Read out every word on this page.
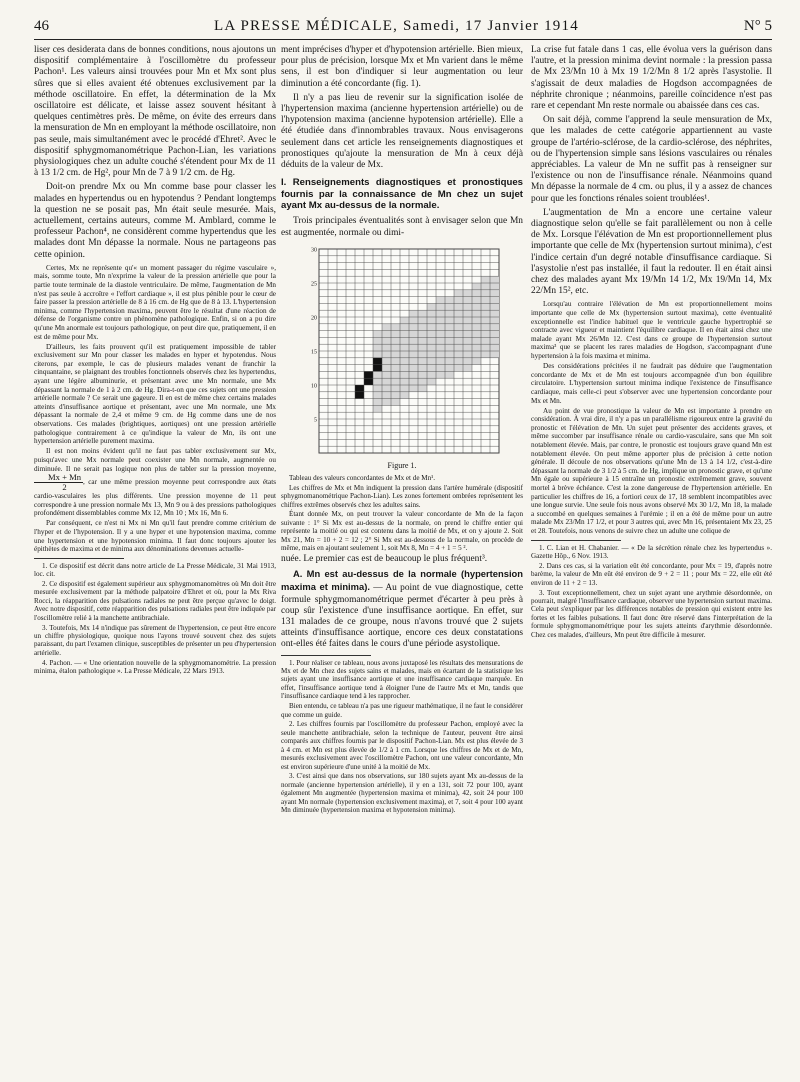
46	LA PRESSE MÉDICALE, Samedi, 17 Janvier 1914	N° 5

liser ces desiderata dans de bonnes conditions, nous ajoutons un dispositif complémentaire à l'oscillomètre du professeur Pachon¹. Les valeurs ainsi trouvées pour Mn et Mx sont plus sûres que si elles avaient été obtenues exclusivement par la méthode oscillatoire. En effet, la détermination de la Mx oscillatoire est délicate, et laisse assez souvent hésitant à quelques centimètres près. De même, on évite des erreurs dans la mensuration de Mn en employant la méthode oscillatoire, non pas seule, mais simultanément avec le procédé d'Ehret². Avec le dispositif sphygmomanométrique Pachon-Lian, les variations physiologiques chez un adulte couché s'étendent pour Mx de 11 à 13 1/2 cm. de Hg², pour Mn de 7 à 9 1/2 cm. de Hg.

Doit-on prendre Mx ou Mn comme base pour classer les malades en hypertendus ou en hypotendus ? Pendant longtemps la question ne se posait pas, Mn était seule mesurée. Mais, actuellement, certains auteurs, comme M. Amblard, comme le professeur Pachon⁴, ne considèrent comme hypertendus que les malades dont Mn dépasse la normale. Nous ne partageons pas cette opinion.

Certes, Mx ne représente qu'« un moment passager du régime vasculaire », mais, somme toute, Mn n'exprime la valeur de la pression artérielle que pour la partie toute terminale de la diastole ventriculaire. De même, l'augmentation de Mn n'est pas seule à accroître « l'effort cardiaque », il est plus pénible pour le cœur de faire passer la pression artérielle de 8 à 16 cm. de Hg que de 8 à 13. L'hypertension minima, comme l'hypertension maxima, peuvent être le résultat d'une réaction de défense de l'organisme contre un phénomène pathologique. Enfin, si on a pu dire qu'une Mn anormale est toujours pathologique, on peut dire que, pratiquement, il en est de même pour Mx.

D'ailleurs, les faits prouvent qu'il est pratiquement impossible de tabler exclusivement sur Mn pour classer les malades en hyper et hypotendus. Nous citerons, par exemple, le cas de plusieurs malades venant de franchir la cinquantaine, se plaignant des troubles fonctionnels observés chez les hypertendus, ayant une légère albuminurie, et présentant avec une Mn normale, une Mx dépassant la normale de 1 à 2 cm. de Hg. Dira-t-on que ces sujets ont une pression artérielle normale ? Ce serait une gageure. Il en est de même chez certains malades atteints d'insuffisance aortique et présentant, avec une Mn normale, une Mx dépassant la normale de 2,4 et même 9 cm. de Hg comme dans une de nos observations. Ces malades (brightiques, aortiques) ont une pression artérielle pathologique contrairement à ce qu'indique la valeur de Mn, ils ont une hypertension artérielle purement maxima.

Il est non moins évident qu'il ne faut pas tabler exclusivement sur Mx, puisqu'avec une Mx normale peut coexister une Mn normale, augmentée ou diminuée. Il ne serait pas logique non plus de tabler sur la pression moyenne,
$\frac{Mx + Mn}{2}$ , car une même pression moyenne peut correspondre aux états cardio-vasculaires les plus différents. Une pression moyenne de 11 peut correspondre à une pression normale Mx 13, Mn 9 ou à des pressions pathologiques profondément dissemblables comme Mx 12, Mn 10 ; Mx 16, Mn 6.

Par conséquent, ce n'est ni Mx ni Mn qu'il faut prendre comme critérium de l'hyper et de l'hypotension. Il y a une hyper et une hypotension maxima, comme une hypertension et une hypotension minima. Il faut donc toujours ajouter les épithètes de maxima et de minima aux dénominations devenues actuelle-

1. Ce dispositif est décrit dans notre article de La Presse Médicale, 31 Mai 1913, loc. cit.

2. Ce dispositif est également supérieur aux sphygmomanomètres où Mn doit être mesurée exclusivement par la méthode palpatoire d'Ehret et où, pour la Mx Riva Rocci, la réapparition des pulsations radiales ne peut être perçue qu'avec le doigt. Avec notre dispositif, cette réapparition des pulsations radiales peut être indiquée par l'oscillomètre relié à la manchette antibrachiale.

3. Toutefois, Mx 14 n'indique pas sûrement de l'hypertension, ce peut être encore un chiffre physiologique, quoique nous l'ayons trouvé souvent chez des sujets paraissant, du part l'examen clinique, susceptibles de présenter un peu d'hypertension artérielle.

4. Pachon. — « Une orientation nouvelle de la sphygmomanométrie. La pression minima, étalon pathologique ». La Presse Médicale, 22 Mars 1913.

ment imprécises d'hyper et d'hypotension artérielle. Bien mieux, pour plus de précision, lorsque Mx et Mn varient dans le même sens, il est bon d'indiquer si leur augmentation ou leur diminution a été concordante (fig. 1).

Il n'y a pas lieu de revenir sur la signification isolée de l'hypertension maxima (ancienne hypertension artérielle) ou de l'hypotension maxima (ancienne hypotension artérielle). Elle a été étudiée dans d'innombrables travaux. Nous envisagerons seulement dans cet article les renseignements diagnostiques et pronostiques qu'ajoute la mensuration de Mn à ceux déjà déduits de la valeur de Mx.

I. Renseignements diagnostiques et pronostiques fournis par la connaissance de Mn chez un sujet ayant Mx au-dessus de la normale.

Trois principales éventualités sont à envisager selon que Mn est augmentée, normale ou dimi-

5
10
15
20
25
30
Figure 1.

Tableau des valeurs concordantes de Mx et de Mn¹.

Les chiffres de Mx et Mn indiquent la pression dans l'artère humérale (dispositif sphygmomanométrique Pachon-Lian). Les zones fortement ombrées représentent les chiffres extrêmes observés chez les adultes sains.

Étant donnée Mx, on peut trouver la valeur concordante de Mn de la façon suivante : 1° Si Mx est au-dessus de la normale, on prend le chiffre entier qui représente la moitié ou qui est contenu dans la moitié de Mx, et on y ajoute 2. Soit Mx 21, Mn = 10 + 2 = 12 ; 2° Si Mx est au-dessous de la normale, on procède de même, mais en ajoutant seulement 1, soit Mx 8, Mn = 4 + 1 = 5 ².

nuée. Le premier cas est de beaucoup le plus fréquent³.

A. Mn est au-dessus de la normale (hypertension maxima et minima). — Au point de vue diagnostique, cette formule sphygmomanométrique permet d'écarter à peu près à coup sûr l'existence d'une insuffisance aortique. En effet, sur 131 malades de ce groupe, nous n'avons trouvé que 2 sujets atteints d'insuffisance aortique, encore ces deux constatations ont-elles été faites dans le cours d'une période asystolique.

1. Pour réaliser ce tableau, nous avons juxtaposé les résultats des mensurations de Mx et de Mn chez des sujets sains et malades, mais en écartant de la statistique les sujets ayant une insuffisance aortique et une insuffisance cardiaque marquée. En effet, l'insuffisance aortique tend à éloigner l'une de l'autre Mx et Mn, tandis que l'insuffisance cardiaque tend à les rapprocher.

Bien entendu, ce tableau n'a pas une rigueur mathématique, il ne faut le considérer que comme un guide.

2. Les chiffres fournis par l'oscillomètre du professeur Pachon, employé avec la seule manchette antibrachiale, selon la technique de l'auteur, peuvent être ainsi comparés aux chiffres fournis par le dispositif Pachon-Lian. Mx est plus élevée de 3 à 4 cm. et Mn est plus élevée de 1/2 à 1 cm. Lorsque les chiffres de Mx et de Mn, mesurés exclusivement avec l'oscillomètre Pachon, ont une valeur concordante, Mn est environ supérieure d'une unité à la moitié de Mx.

3. C'est ainsi que dans nos observations, sur 180 sujets ayant Mx au-dessus de la normale (ancienne hypertension artérielle), il y en a 131, soit 72 pour 100, ayant également Mn augmentée (hypertension maxima et minima), 42, soit 24 pour 100 ayant Mn normale (hypertension exclusivement maxima), et 7, soit 4 pour 100 ayant Mn diminuée (hypertension maxima et hypotension minima).

La crise fut fatale dans 1 cas, elle évolua vers la guérison dans l'autre, et la pression minima devint normale : la pression passa de Mx 23/Mn 10 à Mx 19 1/2/Mn 8 1/2 après l'asystolie. Il s'agissait de deux maladies de Hogdson accompagnées de néphrite chronique ; néanmoins, pareille coïncidence n'est pas rare et cependant Mn reste normale ou abaissée dans ces cas.

On sait déjà, comme l'apprend la seule mensuration de Mx, que les malades de cette catégorie appartiennent au vaste groupe de l'artério-sclérose, de la cardio-sclérose, des néphrites, ou de l'hypertension simple sans lésions vasculaires ou rénales appréciables. La valeur de Mn ne suffit pas à renseigner sur l'existence ou non de l'insuffisance rénale. Néanmoins quand Mn dépasse la normale de 4 cm. ou plus, il y a assez de chances pour que les fonctions rénales soient troublées¹.

L'augmentation de Mn a encore une certaine valeur diagnostique selon qu'elle se fait parallèlement ou non à celle de Mx. Lorsque l'élévation de Mn est proportionnellement plus importante que celle de Mx (hypertension surtout minima), c'est l'indice certain d'un degré notable d'insuffisance cardiaque. Si l'asystolie n'est pas installée, il faut la redouter. Il en était ainsi chez des malades ayant Mx 19/Mn 14 1/2, Mx 19/Mn 14, Mx 22/Mn 15², etc.

Lorsqu'au contraire l'élévation de Mn est proportionnellement moins importante que celle de Mx (hypertension surtout maxima), cette éventualité exceptionnelle est l'indice habituel que le ventricule gauche hypertrophié se contracte avec vigueur et maintient l'équilibre cardiaque. Il en était ainsi chez une malade ayant Mx 26/Mn 12. C'est dans ce groupe de l'hypertension surtout maxima³ que se placent les rares maladies de Hogdson, s'accompagnant d'une hypertension à la fois maxima et minima.

Des considérations précitées il ne faudrait pas déduire que l'augmentation concordante de Mx et de Mn est toujours accompagnée d'un bon équilibre circulatoire. L'hypertension surtout minima indique l'existence de l'insuffisance cardiaque, mais celle-ci peut s'observer avec une hypertension concordante pour Mx et Mn.

Au point de vue pronostique la valeur de Mn est importante à prendre en considération. À vrai dire, il n'y a pas un parallélisme rigoureux entre la gravité du pronostic et l'élévation de Mn. Un sujet peut présenter des accidents graves, et même succomber par insuffisance rénale ou cardio-vasculaire, sans que Mn soit notablement élevée. Mais, par contre, le pronostic est toujours grave quand Mn est notablement élevée. On peut même apporter plus de précision à cette notion générale. Il découle de nos observations qu'une Mn de 13 à 14 1/2, c'est-à-dire dépassant la normale de 3 1/2 à 5 cm. de Hg, implique un pronostic grave, et qu'une Mn égale ou supérieure à 15 entraîne un pronostic extrêmement grave, souvent mortel à brève échéance. C'est la zone dangereuse de l'hypertension artérielle. En particulier les chiffres de 16, a fortiori ceux de 17, 18 semblent incompatibles avec une longue survie. Une seule fois nous avons observé Mx 30 1/2, Mn 18, la malade a succombé en quelques semaines à l'urémie ; il en a été de même pour un autre malade Mx 23/Mn 17 1/2, et pour 3 autres qui, avec Mn 16, présentaient Mx 23, 25 et 28. Toutefois, nous venons de suivre chez un adulte une colique de

1. C. Lian et H. Chabanier. — « De la sécrétion rénale chez les hypertendus ». Gazette Hôp., 6 Nov. 1913.

2. Dans ces cas, si la variation eût été concordante, pour Mx = 19, d'après notre barème, la valeur de Mn eût été environ de 9 + 2 = 11 ; pour Mx = 22, elle eût été environ de 11 + 2 = 13.

3. Tout exceptionnellement, chez un sujet ayant une arythmie désordonnée, on pourrait, malgré l'insuffisance cardiaque, observer une hypertension surtout maxima. Cela peut s'expliquer par les différences notables de pression qui existent entre les fortes et les faibles pulsations. Il faut donc être réservé dans l'interprétation de la formule sphygmomanométrique pour les sujets atteints d'arythmie désordonnée. Chez ces malades, d'ailleurs, Mn peut être difficile à mesurer.
